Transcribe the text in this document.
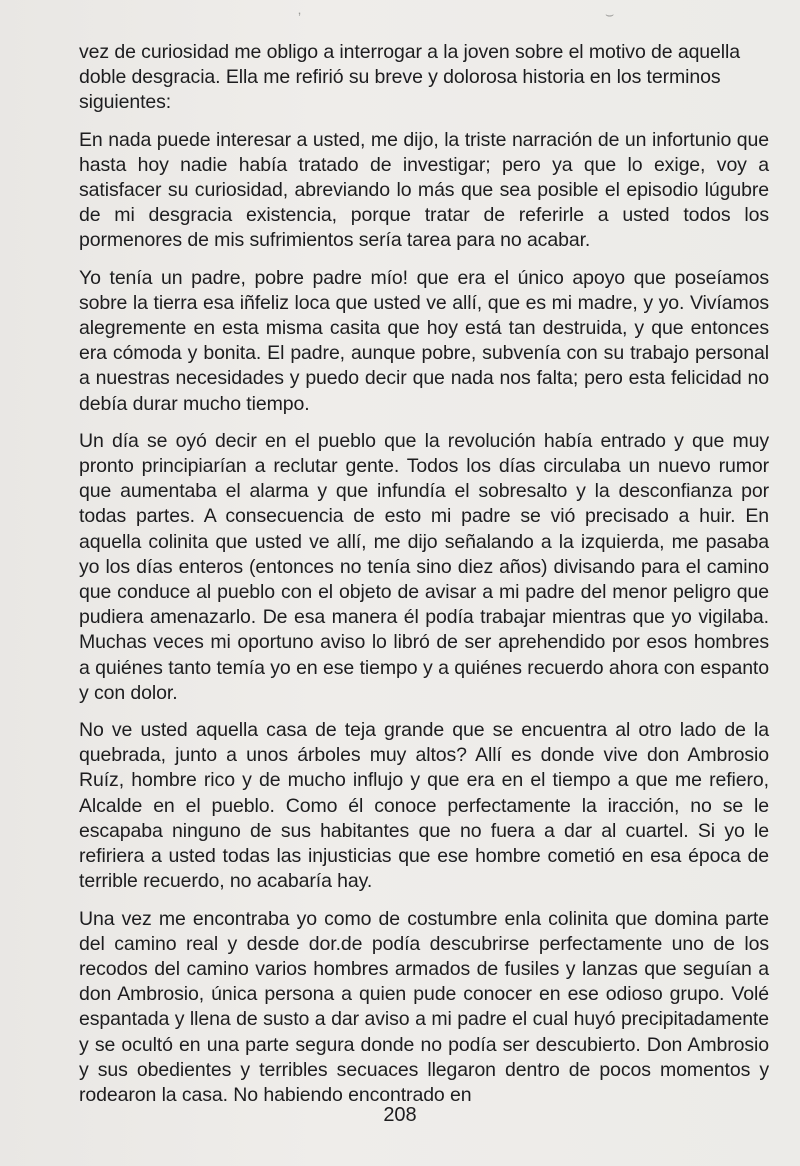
ʼ	⌣

vez de curiosidad me obligo a interrogar a la joven sobre el motivo de aquella doble desgracia. Ella me refirió su breve y dolorosa historia en los terminos siguientes:

En nada puede interesar a usted, me dijo, la triste narración de un infortunio que hasta hoy nadie había tratado de investigar; pero ya que lo exige, voy a satisfacer su curiosidad, abreviando lo más que sea posible el episodio lúgubre de mi desgracia existencia, porque tratar de referirle a usted todos los pormenores de mis sufrimientos sería tarea para no acabar.

Yo tenía un padre, pobre padre mío! que era el único apoyo que poseíamos sobre la tierra esa iñfeliz loca que usted ve allí, que es mi madre, y yo. Vivíamos alegremente en esta misma casita que hoy está tan destruida, y que entonces era cómoda y bonita. El padre, aunque pobre, subvenía con su trabajo personal a nuestras necesidades y puedo decir que nada nos falta; pero esta felicidad no debía durar mucho tiempo.

Un día se oyó decir en el pueblo que la revolución había entrado y que muy pronto principiarían a reclutar gente. Todos los días circulaba un nuevo rumor que aumentaba el alarma y que infundía el sobresalto y la desconfianza por todas partes. A consecuencia de esto mi padre se vió precisado a huir. En aquella colinita que usted ve allí, me dijo señalando a la izquierda, me pasaba yo los días enteros (entonces no tenía sino diez años) divisando para el camino que conduce al pueblo con el objeto de avisar a mi padre del menor peligro que pudiera amenazarlo. De esa manera él podía trabajar mientras que yo vigilaba. Muchas veces mi oportuno aviso lo libró de ser aprehendido por esos hombres a quiénes tanto temía yo en ese tiempo y a quiénes recuerdo ahora con espanto y con dolor.

No ve usted aquella casa de teja grande que se encuentra al otro lado de la quebrada, junto a unos árboles muy altos? Allí es donde vive don Ambrosio Ruíz, hombre rico y de mucho influjo y que era en el tiempo a que me refiero, Alcalde en el pueblo. Como él conoce perfectamente la iracción, no se le escapaba ninguno de sus habitantes que no fuera a dar al cuartel. Si yo le refiriera a usted todas las injusticias que ese hombre cometió en esa época de terrible recuerdo, no acabaría hay.

Una vez me encontraba yo como de costumbre enla colinita que domina parte del camino real y desde dor.de podía descubrirse perfectamente uno de los recodos del camino varios hombres armados de fusiles y lanzas que seguían a don Ambrosio, única persona a quien pude conocer en ese odioso grupo. Volé espantada y llena de susto a dar aviso a mi padre el cual huyó precipitadamente y se ocultó en una parte segura donde no podía ser descubierto. Don Ambrosio y sus obedientes y terribles secuaces llegaron dentro de pocos momentos y rodearon la casa. No habiendo encontrado en

208
